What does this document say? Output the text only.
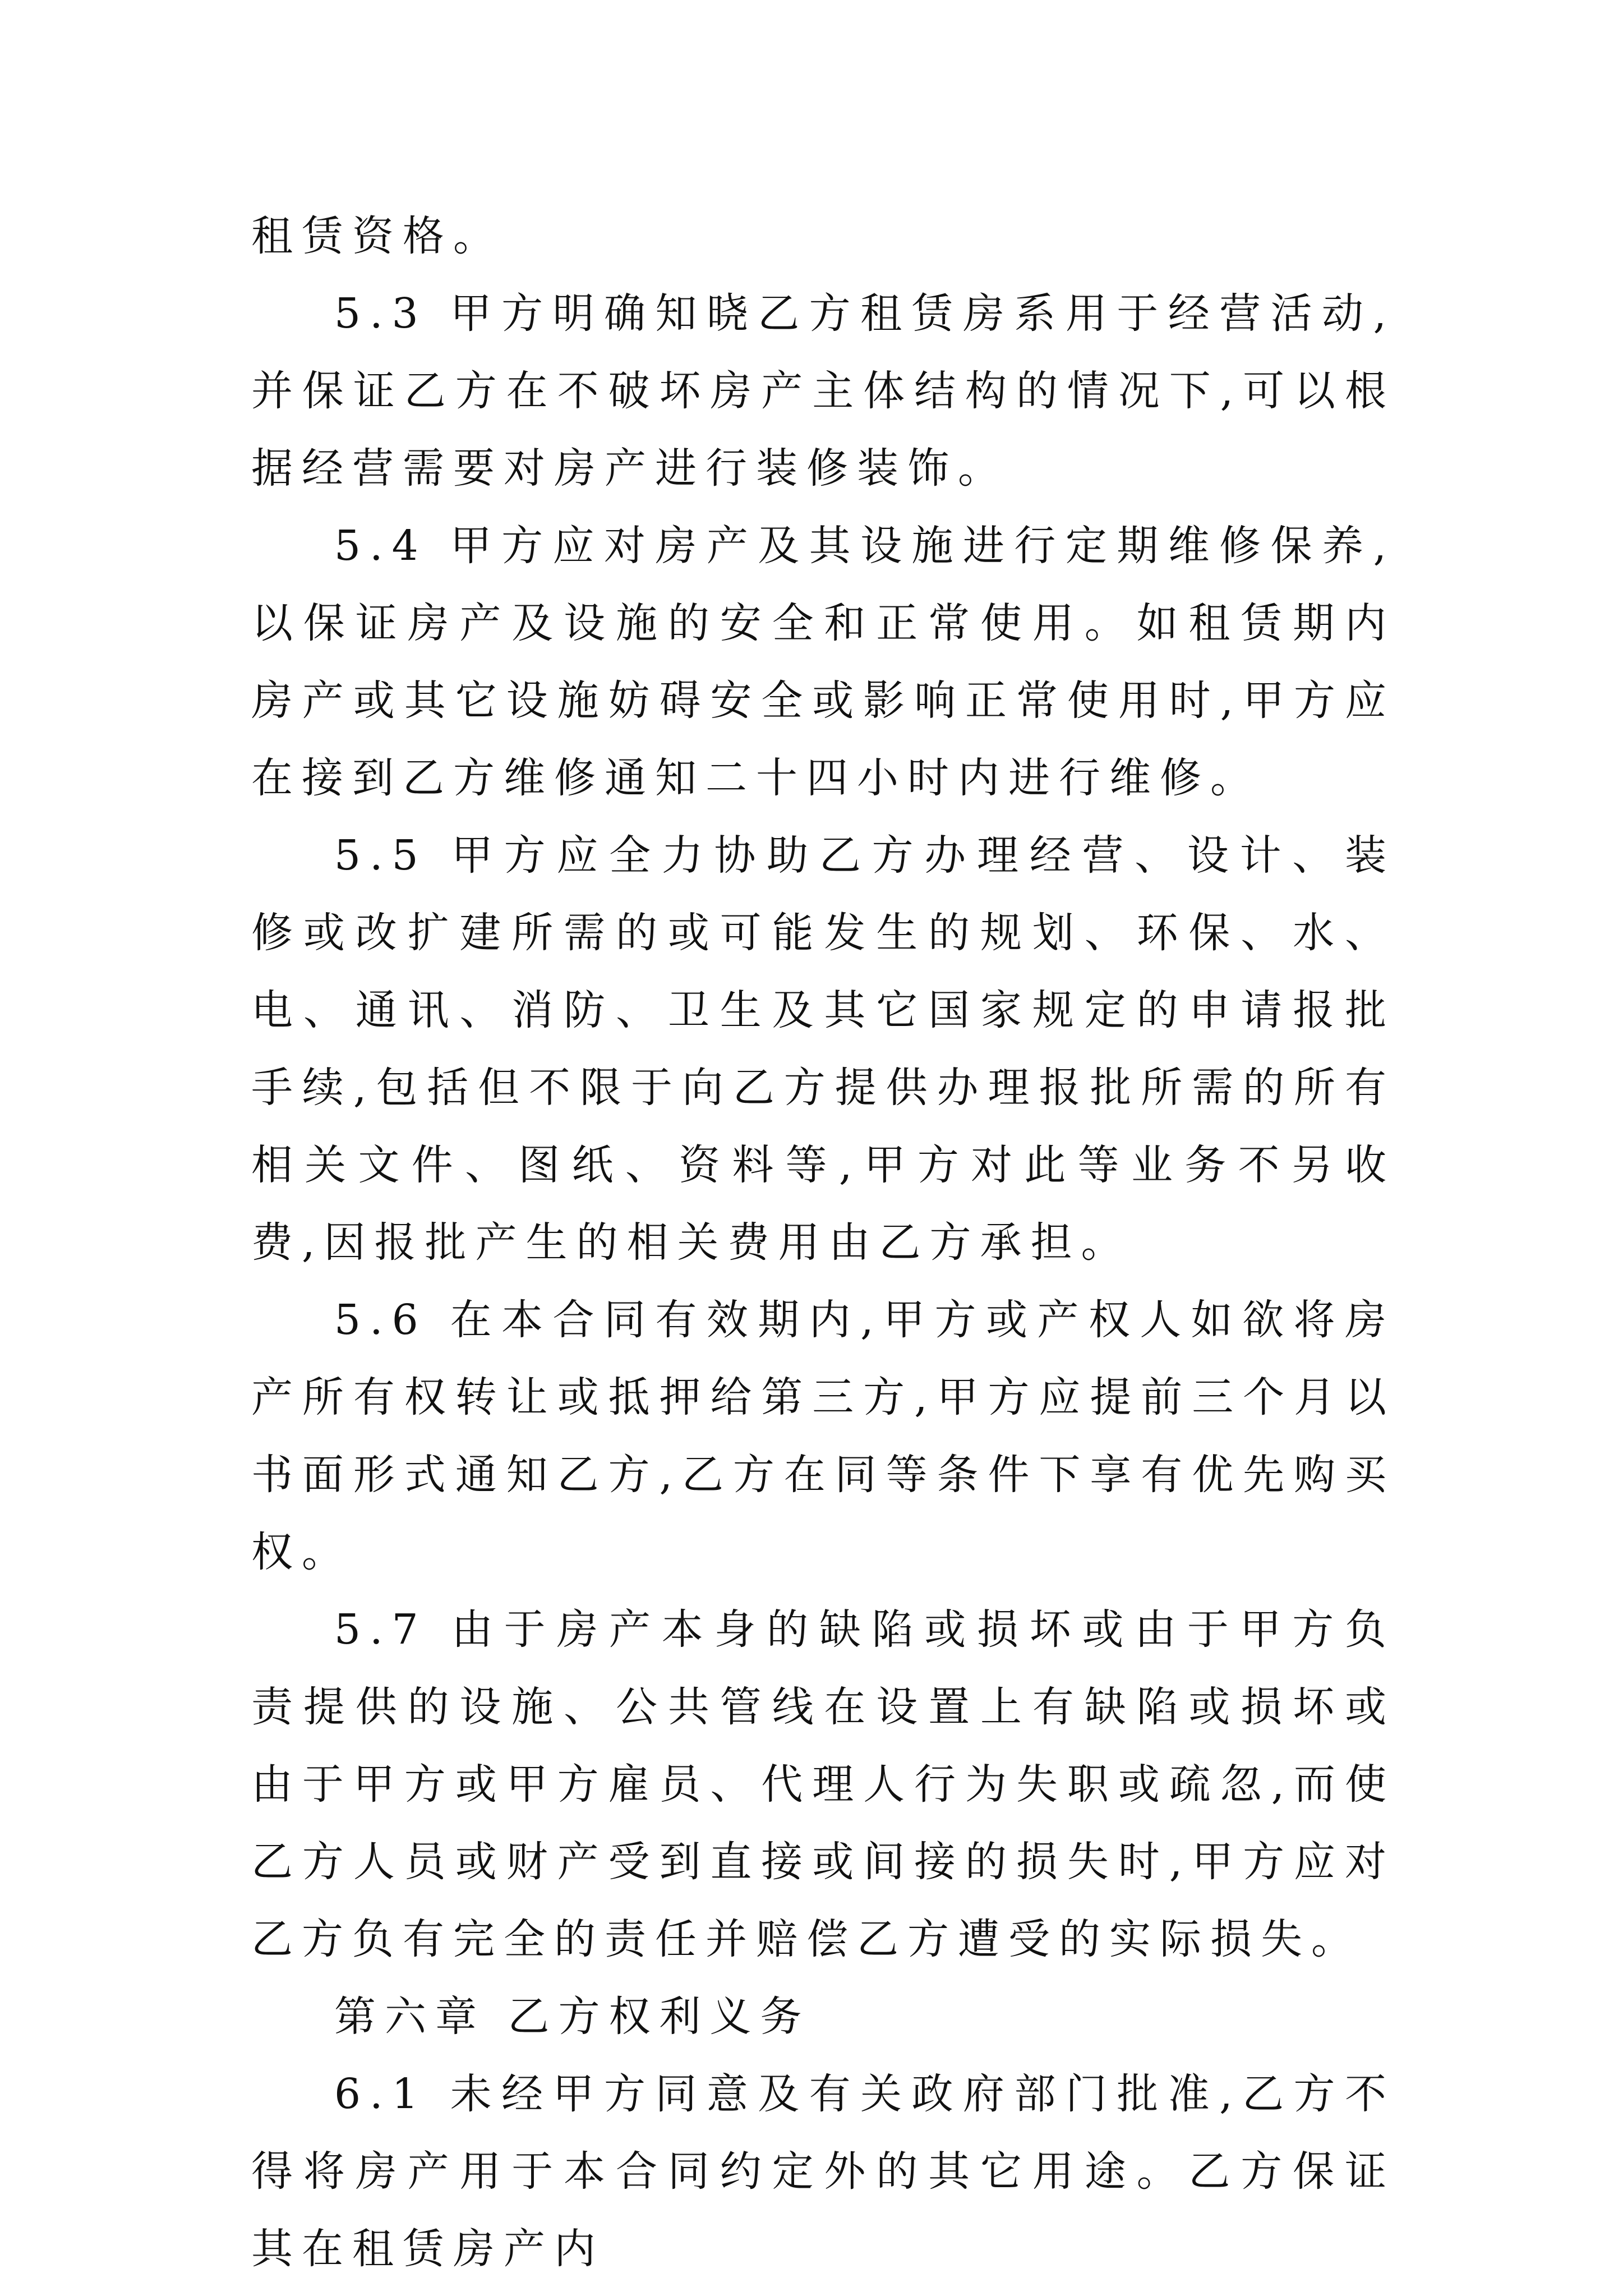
租赁资格。

5.3 甲方明确知晓乙方租赁房系用于经营活动,并保证乙方在不破坏房产主体结构的情况下,可以根据经营需要对房产进行装修装饰。

5.4 甲方应对房产及其设施进行定期维修保养,以保证房产及设施的安全和正常使用。如租赁期内房产或其它设施妨碍安全或影响正常使用时,甲方应在接到乙方维修通知二十四小时内进行维修。

5.5 甲方应全力协助乙方办理经营、设计、装修或改扩建所需的或可能发生的规划、环保、水、电、通讯、消防、卫生及其它国家规定的申请报批手续,包括但不限于向乙方提供办理报批所需的所有相关文件、图纸、资料等,甲方对此等业务不另收费,因报批产生的相关费用由乙方承担。

5.6 在本合同有效期内,甲方或产权人如欲将房产所有权转让或抵押给第三方,甲方应提前三个月以书面形式通知乙方,乙方在同等条件下享有优先购买权。

5.7 由于房产本身的缺陷或损坏或由于甲方负责提供的设施、公共管线在设置上有缺陷或损坏或由于甲方或甲方雇员、代理人行为失职或疏忽,而使乙方人员或财产受到直接或间接的损失时,甲方应对乙方负有完全的责任并赔偿乙方遭受的实际损失。

第六章 乙方权利义务

6.1 未经甲方同意及有关政府部门批准,乙方不得将房产用于本合同约定外的其它用途。乙方保证其在租赁房产内
